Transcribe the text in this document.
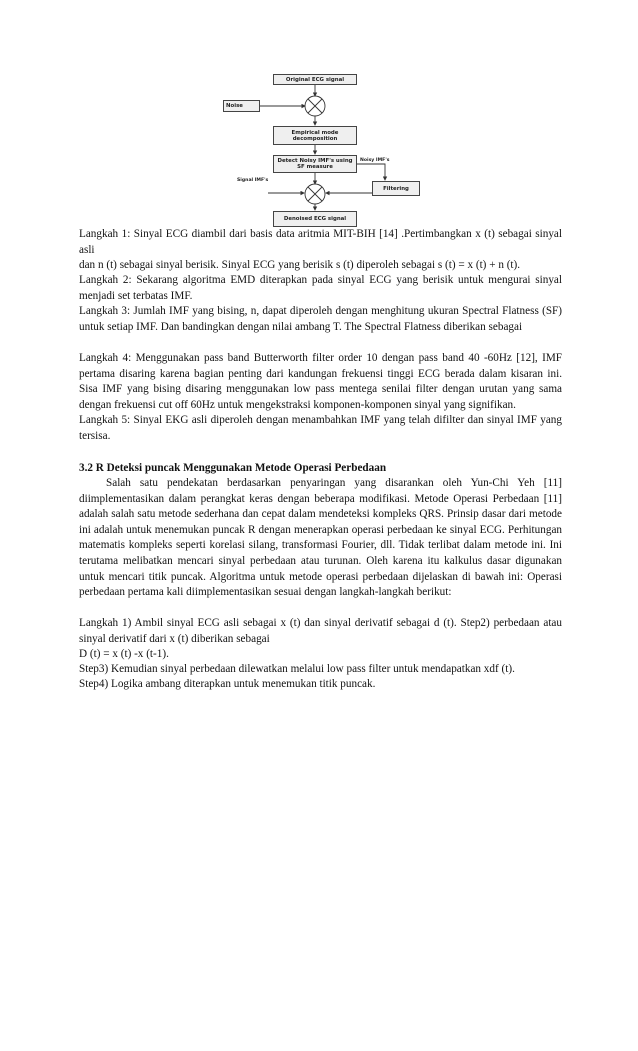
Original ECG signal
Noise
Empirical mode decomposition
Detect Noisy IMF's using SF measure
Filtering
Denoised ECG signal
Noisy IMF's
Signal IMF's

Langkah 1: Sinyal ECG diambil dari basis data aritmia MIT-BIH [14] .Pertimbangkan x (t) sebagai sinyal asli

dan n (t) sebagai sinyal berisik. Sinyal ECG yang berisik s (t) diperoleh sebagai s (t) = x (t) + n (t).

Langkah 2: Sekarang algoritma EMD diterapkan pada sinyal ECG yang berisik untuk mengurai sinyal menjadi set terbatas IMF.

Langkah 3: Jumlah IMF yang bising, n, dapat diperoleh dengan menghitung ukuran Spectral Flatness (SF) untuk setiap IMF. Dan bandingkan dengan nilai ambang T. The Spectral Flatness diberikan sebagai

Langkah 4: Menggunakan pass band Butterworth filter order 10 dengan pass band 40 -60Hz [12], IMF pertama disaring karena bagian penting dari kandungan frekuensi tinggi ECG berada dalam kisaran ini. Sisa IMF yang bising disaring menggunakan low pass mentega senilai filter dengan urutan yang sama dengan frekuensi cut off 60Hz untuk mengekstraksi komponen-komponen sinyal yang signifikan.

Langkah 5: Sinyal EKG asli diperoleh dengan menambahkan IMF yang telah difilter dan sinyal IMF yang tersisa.

3.2 R Deteksi puncak Menggunakan Metode Operasi Perbedaan

Salah satu pendekatan berdasarkan penyaringan yang disarankan oleh Yun-Chi Yeh [11] diimplementasikan dalam perangkat keras dengan beberapa modifikasi. Metode Operasi Perbedaan [11] adalah salah satu metode sederhana dan cepat dalam mendeteksi kompleks QRS. Prinsip dasar dari metode ini adalah untuk menemukan puncak R dengan menerapkan operasi perbedaan ke sinyal ECG. Perhitungan matematis kompleks seperti korelasi silang, transformasi Fourier, dll. Tidak terlibat dalam metode ini. Ini terutama melibatkan mencari sinyal perbedaan atau turunan. Oleh karena itu kalkulus dasar digunakan untuk mencari titik puncak. Algoritma untuk metode operasi perbedaan dijelaskan di bawah ini: Operasi perbedaan pertama kali diimplementasikan sesuai dengan langkah-langkah berikut:

Langkah 1) Ambil sinyal ECG asli sebagai x (t) dan sinyal derivatif sebagai d (t). Step2) perbedaan atau sinyal derivatif dari x (t) diberikan sebagai

D (t) = x (t) -x (t-1).

Step3) Kemudian sinyal perbedaan dilewatkan melalui low pass filter untuk mendapatkan xdf (t).

Step4) Logika ambang diterapkan untuk menemukan titik puncak.
